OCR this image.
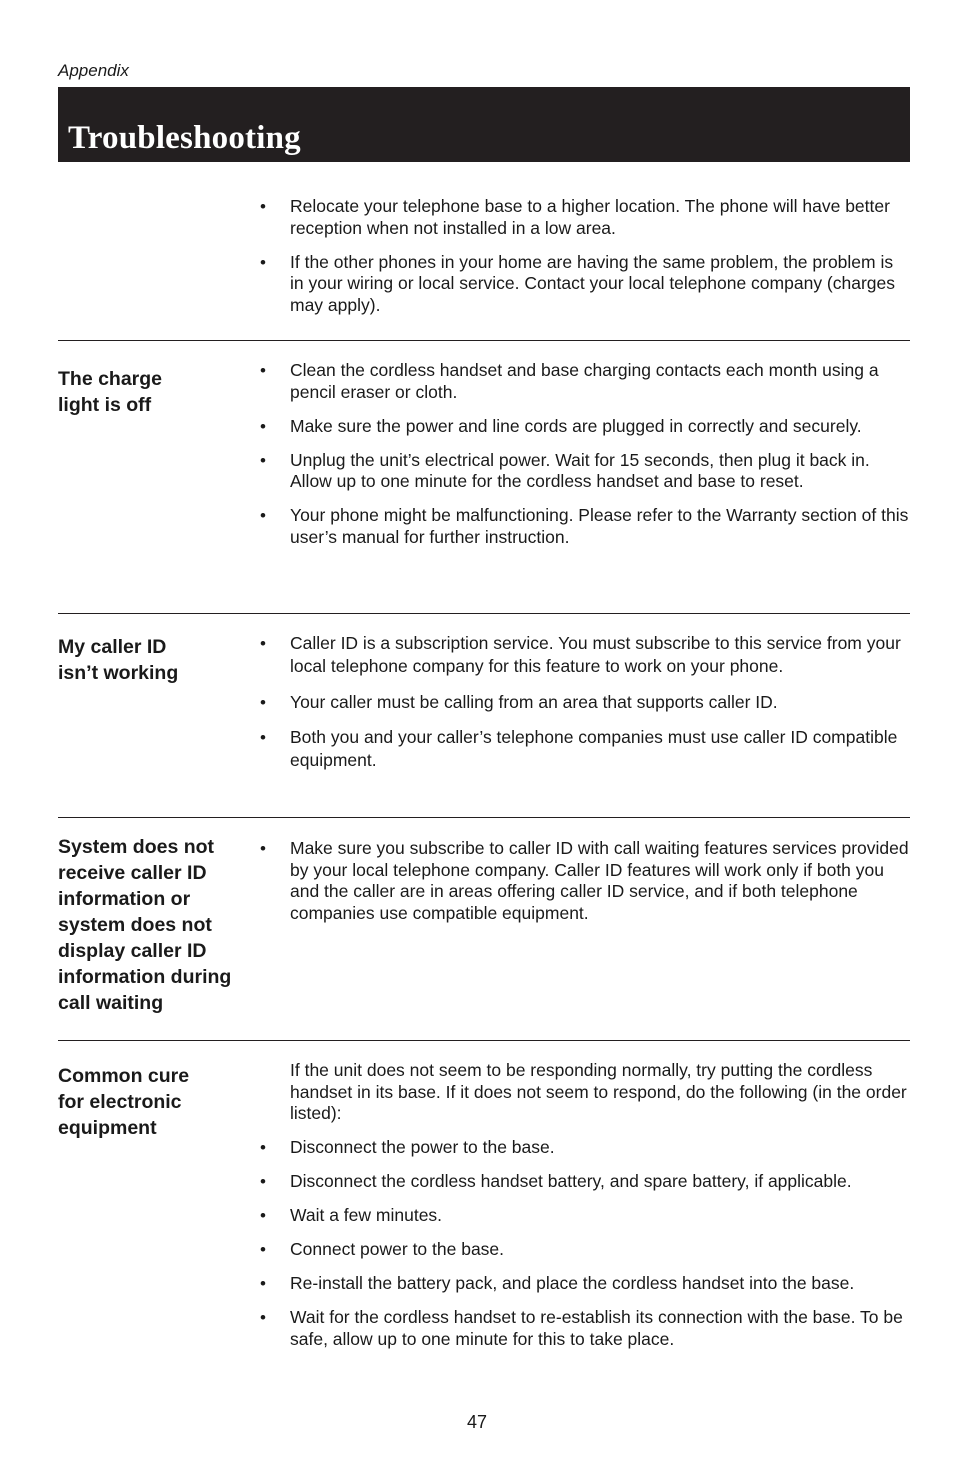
Appendix
Troubleshooting
• Relocate your telephone base to a higher location. The phone will have better reception when not installed in a low area.
• If the other phones in your home are having the same problem, the problem is in your wiring or local service. Contact your local telephone company (charges may apply).
The charge light is off
• Clean the cordless handset and base charging contacts each month using a pencil eraser or cloth.
• Make sure the power and line cords are plugged in correctly and securely.
• Unplug the unit’s electrical power. Wait for 15 seconds, then plug it back in. Allow up to one minute for the cordless handset and base to reset.
• Your phone might be malfunctioning. Please refer to the Warranty section of this user’s manual for further instruction.
My caller ID isn’t working
• Caller ID is a subscription service. You must subscribe to this service from your local telephone company for this feature to work on your phone.
• Your caller must be calling from an area that supports caller ID.
• Both you and your caller’s telephone companies must use caller ID compatible equipment.
System does not receive caller ID information or system does not display caller ID information during call waiting
• Make sure you subscribe to caller ID with call waiting features services provided by your local telephone company. Caller ID features will work only if both you and the caller are in areas offering caller ID service, and if both telephone companies use compatible equipment.
Common cure for electronic equipment
If the unit does not seem to be responding normally, try putting the cordless handset in its base. If it does not seem to respond, do the following (in the order listed):
• Disconnect the power to the base.
• Disconnect the cordless handset battery, and spare battery, if applicable.
• Wait a few minutes.
• Connect power to the base.
• Re-install the battery pack, and place the cordless handset into the base.
• Wait for the cordless handset to re-establish its connection with the base. To be safe, allow up to one minute for this to take place.
47
